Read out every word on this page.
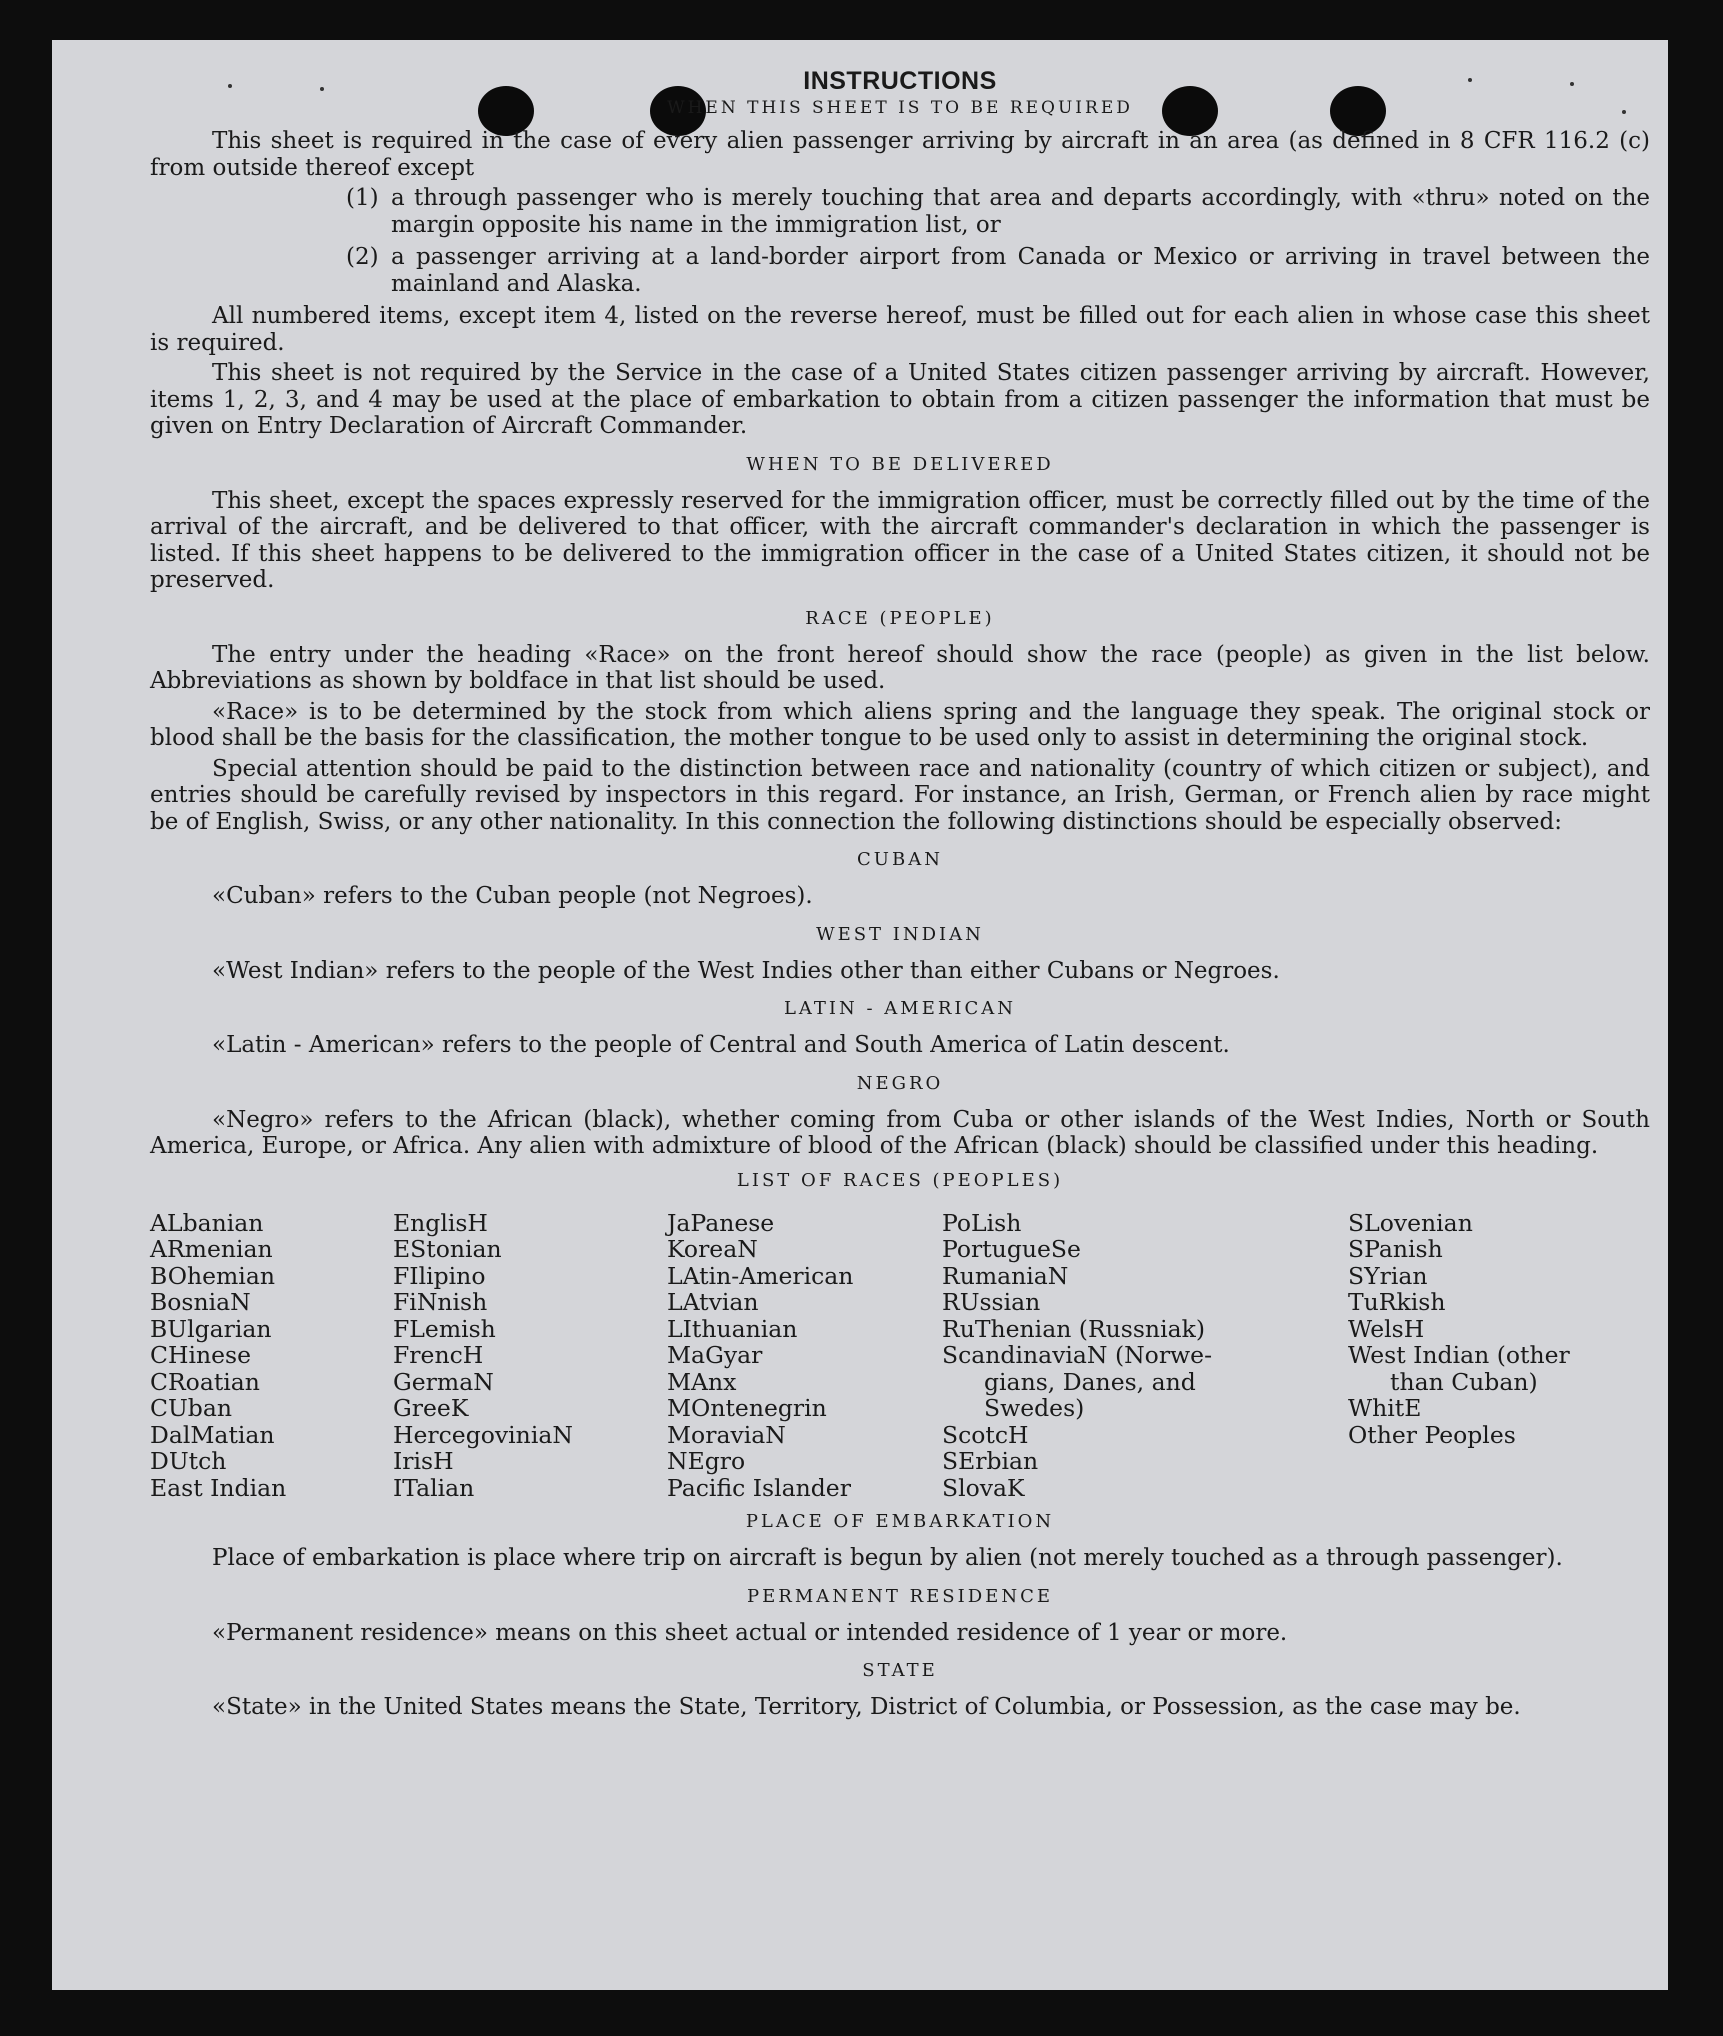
INSTRUCTIONS
WHEN THIS SHEET IS TO BE REQUIRED

This sheet is required in the case of every alien passenger arriving by aircraft in an area (as defined in 8 CFR 116.2 (c) from outside thereof except

(1) a through passenger who is merely touching that area and departs accordingly, with «thru» noted on the margin opposite his name in the immigration list, or
(2) a passenger arriving at a land-border airport from Canada or Mexico or arriving in travel between the mainland and Alaska.

All numbered items, except item 4, listed on the reverse hereof, must be filled out for each alien in whose case this sheet is required.

This sheet is not required by the Service in the case of a United States citizen passenger arriving by aircraft. However, items 1, 2, 3, and 4 may be used at the place of embarkation to obtain from a citizen passenger the information that must be given on Entry Declaration of Aircraft Commander.

WHEN TO BE DELIVERED

This sheet, except the spaces expressly reserved for the immigration officer, must be correctly filled out by the time of the arrival of the aircraft, and be delivered to that officer, with the aircraft commander's declaration in which the passenger is listed. If this sheet happens to be delivered to the immigration officer in the case of a United States citizen, it should not be preserved.

RACE (PEOPLE)

The entry under the heading «Race» on the front hereof should show the race (people) as given in the list below. Abbreviations as shown by boldface in that list should be used.

«Race» is to be determined by the stock from which aliens spring and the language they speak. The original stock or blood shall be the basis for the classification, the mother tongue to be used only to assist in determining the original stock.

Special attention should be paid to the distinction between race and nationality (country of which citizen or subject), and entries should be carefully revised by inspectors in this regard. For instance, an Irish, German, or French alien by race might be of English, Swiss, or any other nationality. In this connection the following distinctions should be especially observed:

CUBAN

«Cuban» refers to the Cuban people (not Negroes).

WEST INDIAN

«West Indian» refers to the people of the West Indies other than either Cubans or Negroes.

LATIN - AMERICAN

«Latin - American» refers to the people of Central and South America of Latin descent.

NEGRO

«Negro» refers to the African (black), whether coming from Cuba or other islands of the West Indies, North or South America, Europe, or Africa. Any alien with admixture of blood of the African (black) should be classified under this heading.

LIST OF RACES (PEOPLES)
ALbanian
ARmenian
BOhemian
BosniaN
BUlgarian
CHinese
CRoatian
CUban
DalMatian
DUtch
East Indian
EnglisH
EStonian
FIlipino
FiNnish
FLemish
FrencH
GermaN
GreeK
HercegoviniaN
IrisH
ITalian
JaPanese
KoreaN
LAtin-American
LAtvian
LIthuanian
MaGyar
MAnx
MOntenegrin
MoraviaN
NEgro
Pacific Islander
PoLish
PortugueSe
RumaniaN
RUssian
RuThenian (Russniak)
ScandinaviaN (Norwe-
gians, Danes, and
Swedes)
ScotcH
SErbian
SlovaK
SLovenian
SPanish
SYrian
TuRkish
WelsH
West Indian (other
than Cuban)
WhitE
Other Peoples
PLACE OF EMBARKATION

Place of embarkation is place where trip on aircraft is begun by alien (not merely touched as a through passenger).

PERMANENT RESIDENCE

«Permanent residence» means on this sheet actual or intended residence of 1 year or more.

STATE

«State» in the United States means the State, Territory, District of Columbia, or Possession, as the case may be.
